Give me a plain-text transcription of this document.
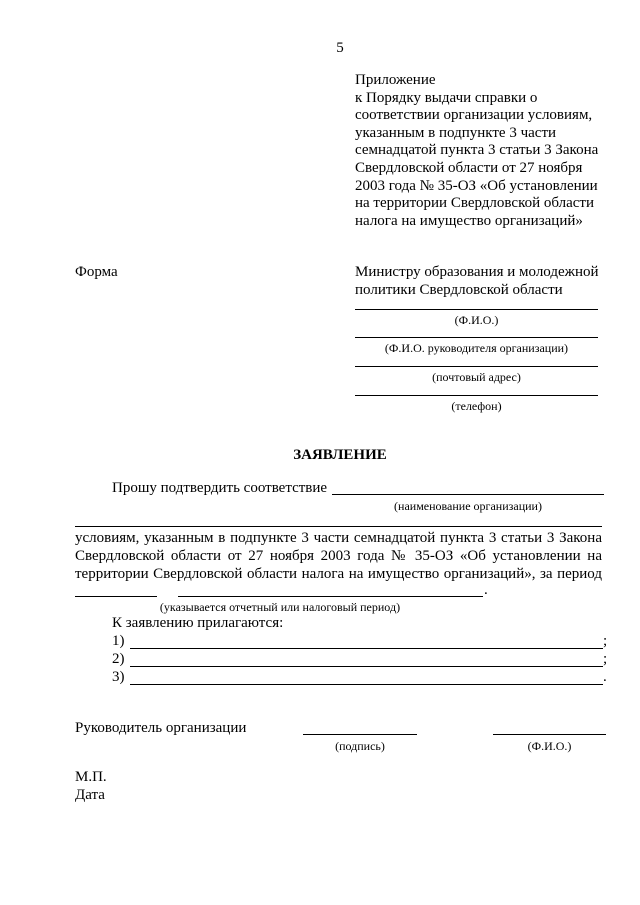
5
Приложение
к Порядку выдачи справки о
соответствии организации условиям,
указанным в подпункте 3 части
семнадцатой пункта 3 статьи 3 Закона
Свердловской области от 27 ноября
2003 года № 35-ОЗ «Об установлении
на территории Свердловской области
налога на имущество организаций»
Форма	Министру образования и молодежной
политики Свердловской области
(Ф.И.О.)
(Ф.И.О. руководителя организации)
(почтовый адрес)
(телефон)
ЗАЯВЛЕНИЕ
Прошу подтвердить соответствие
(наименование организации)
условиям, указанным в подпункте 3 части семнадцатой пункта 3 статьи 3 Закона
Свердловской области от 27 ноября 2003 года № 35-ОЗ «Об установлении на
территории Свердловской области налога на имущество организаций», за период
.
(указывается отчетный или налоговый период)
К заявлению прилагаются:
1)	;
2)	;
3)	.
Руководитель организации
(подпись)	(Ф.И.О.)
М.П.
Дата
